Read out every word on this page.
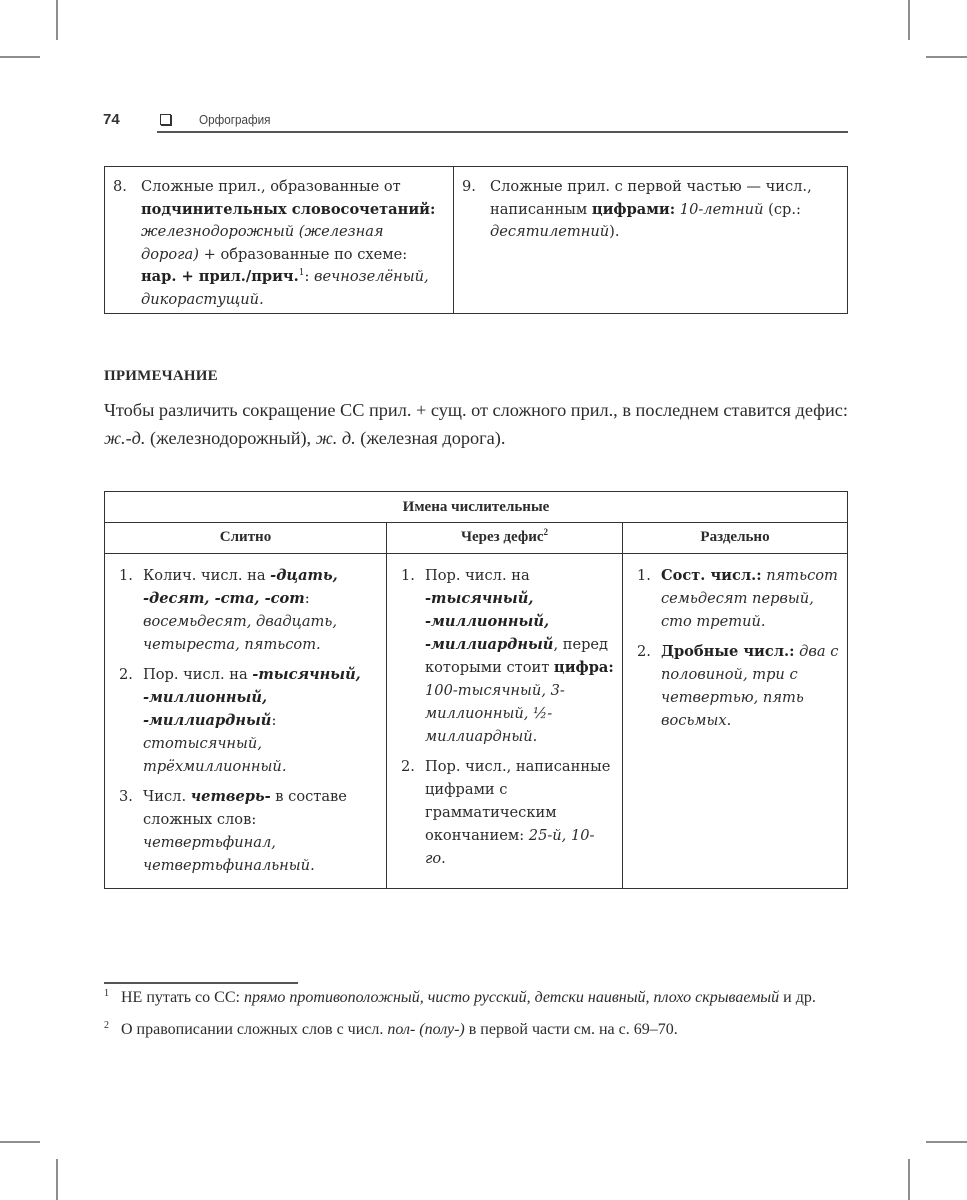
74	Орфография
8. Сложные прил., образованные от подчинительных словосочетаний: железнодорожный (железная дорога) + образованные по схеме: нар. + прил./прич.$^1$: вечнозелёный, дикорастущий.

9. Сложные прил. с первой частью — числ., написанным цифрами: 10-летний (ср.: десятилетний).
ПРИМЕЧАНИЕ
Чтобы различить сокращение СС прил. + сущ. от сложного прил., в последнем ставится дефис: ж.-д. (железнодорожный), ж. д. (железная дорога).
Имена числительные		
Слитно	Через дефис$^2$	Раздельно

1. Колич. числ. на -дцать, -десят, -ста, -сот: восемьдесят, двадцать, четыреста, пятьсот.
2. Пор. числ. на -тысячный, -миллионный, -миллиардный: стотысячный, трёхмиллионный.
3. Числ. четверь- в составе сложных слов: четвертьфинал, четвертьфинальный.

1. Пор. числ. на -тысячный, -миллионный, -миллиардный, перед которыми стоит цифра: 100-тысячный, 3-миллионный, ½-миллиардный.
2. Пор. числ., написанные цифрами с грамматическим окончанием: 25-й, 10-го.

1. Сост. числ.: пятьсот семьдесят первый, сто третий.
2. Дробные числ.: два с половиной, три с четвертью, пять восьмых.
1 НЕ путать со СС: прямо противоположный, чисто русский, детски наивный, плохо скрываемый и др.
2 О правописании сложных слов с числ. пол- (полу-) в первой части см. на с. 69–70.
